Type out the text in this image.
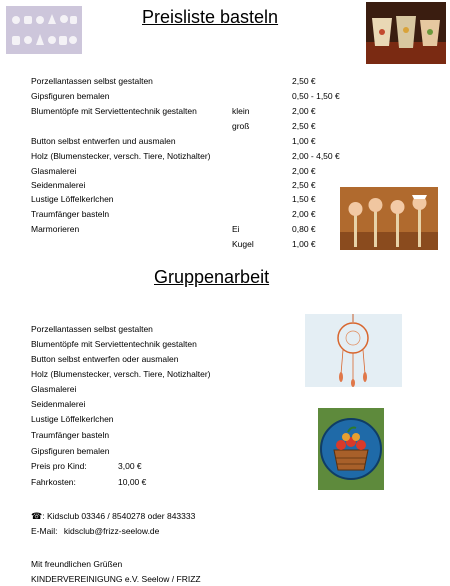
Preisliste basteln
Porzellantassen selbst gestalten	2,50 €
Gipsfiguren bemalen	0,50 - 1,50 €
Blumentöpfe mit Serviettentechnik gestalten	klein	2,00 €
groß	2,50 €
Button selbst entwerfen und ausmalen	1,00 €
Holz (Blumenstecker, versch. Tiere, Notizhalter)	2,00 - 4,50 €
Glasmalerei	2,00 €
Seidenmalerei	2,50 €
Lustige Löffelkerlchen	1,50 €
Traumfänger basteln	2,00 €
Marmorieren	Ei	0,80 €
Kugel	1,00 €
Gruppenarbeit
Porzellantassen selbst gestalten
Blumentöpfe mit Serviettentechnik gestalten
Button selbst entwerfen oder ausmalen
Holz (Blumenstecker, versch. Tiere, Notizhalter)
Glasmalerei
Seidenmalerei
Lustige Löffelkerlchen
Traumfänger basteln
Gipsfiguren bemalen
Preis pro Kind:	3,00 €
Fahrkosten:	10,00 €
☎: Kidsclub 03346 / 8540278 oder 843333
E-Mail: kidsclub@frizz-seelow.de
Mit freundlichen Grüßen
KINDERVEREINIGUNG e.V. Seelow / FRIZZ
